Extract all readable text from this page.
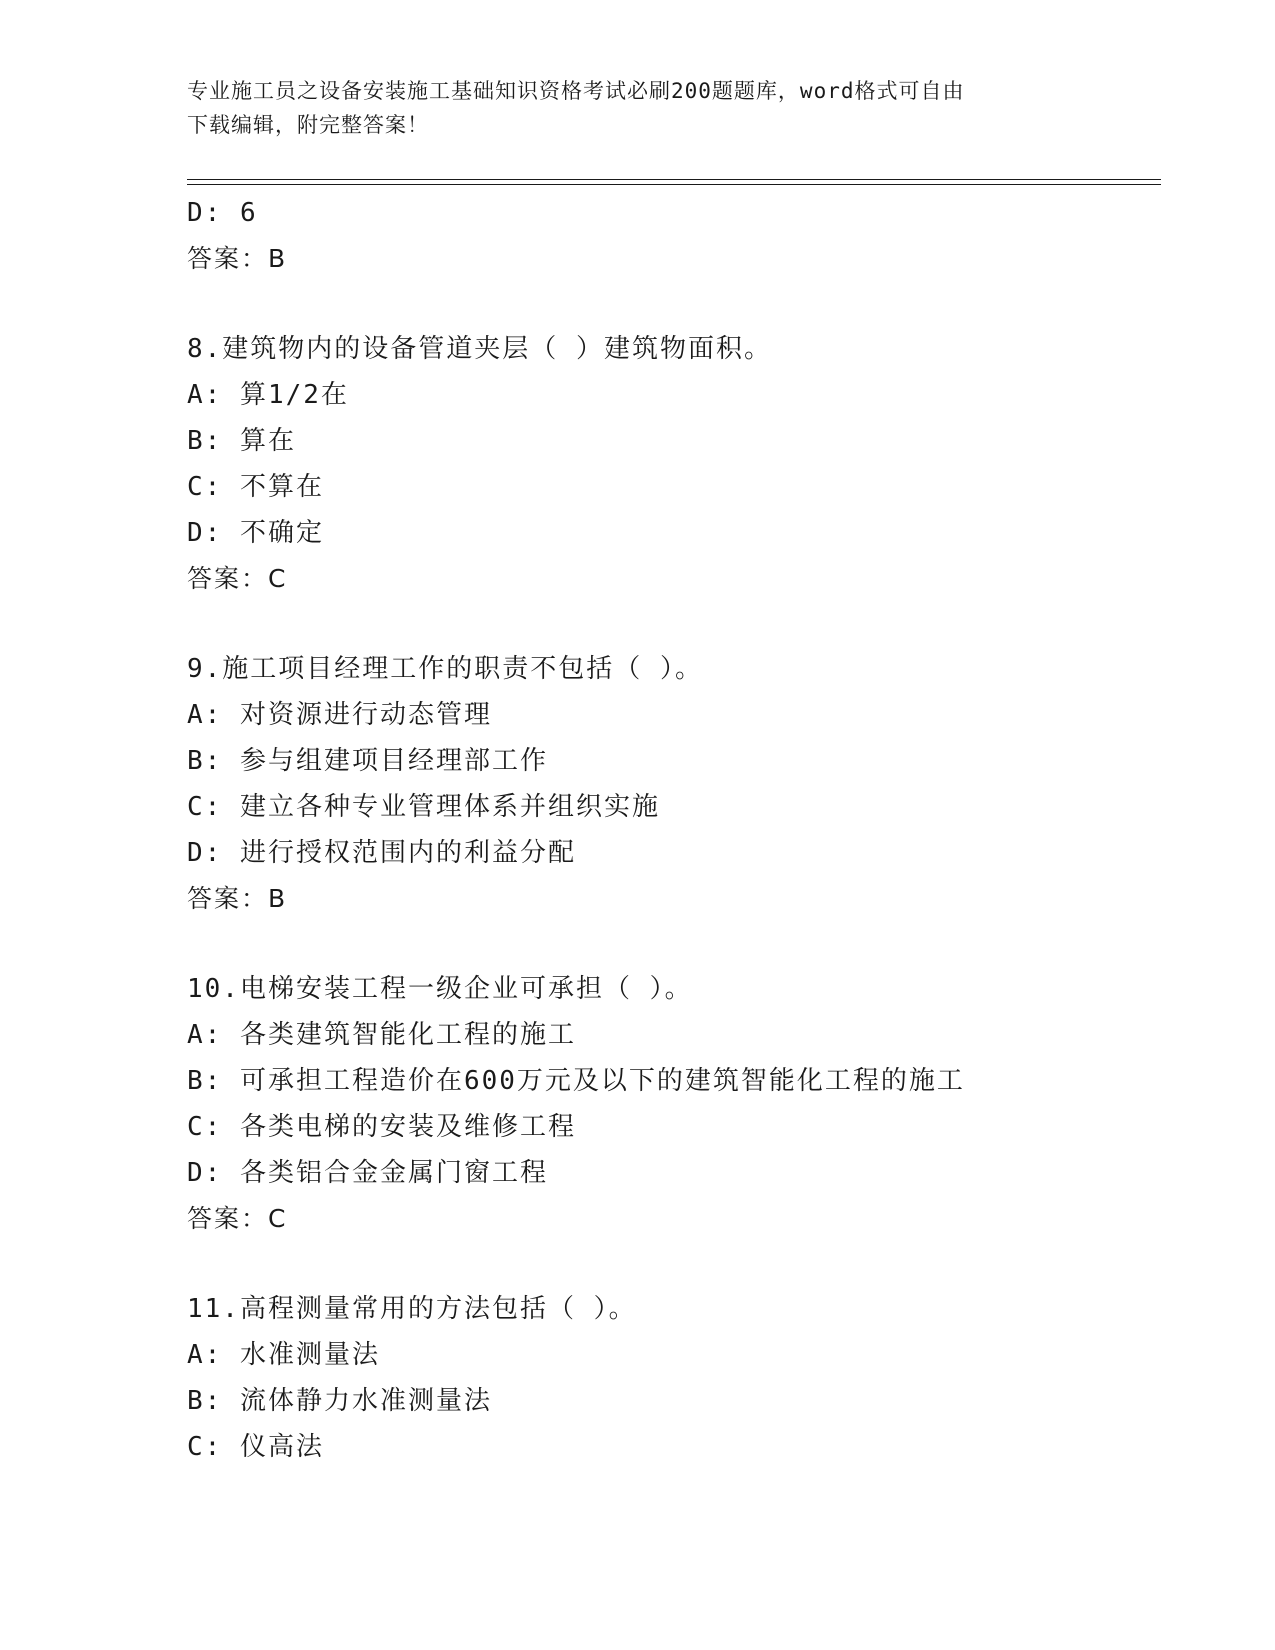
专业施工员之设备安装施工基础知识资格考试必刷200题题库，word格式可自由
下载编辑，附完整答案！
D: 6
答案：B
8.建筑物内的设备管道夹层（ ）建筑物面积。
A: 算1/2在
B: 算在
C: 不算在
D: 不确定
答案：C
9.施工项目经理工作的职责不包括（ ）。
A: 对资源进行动态管理
B: 参与组建项目经理部工作
C: 建立各种专业管理体系并组织实施
D: 进行授权范围内的利益分配
答案：B
10.电梯安装工程一级企业可承担（ ）。
A: 各类建筑智能化工程的施工
B: 可承担工程造价在600万元及以下的建筑智能化工程的施工
C: 各类电梯的安装及维修工程
D: 各类铝合金金属门窗工程
答案：C
11.高程测量常用的方法包括（ ）。
A: 水准测量法
B: 流体静力水准测量法
C: 仪高法
